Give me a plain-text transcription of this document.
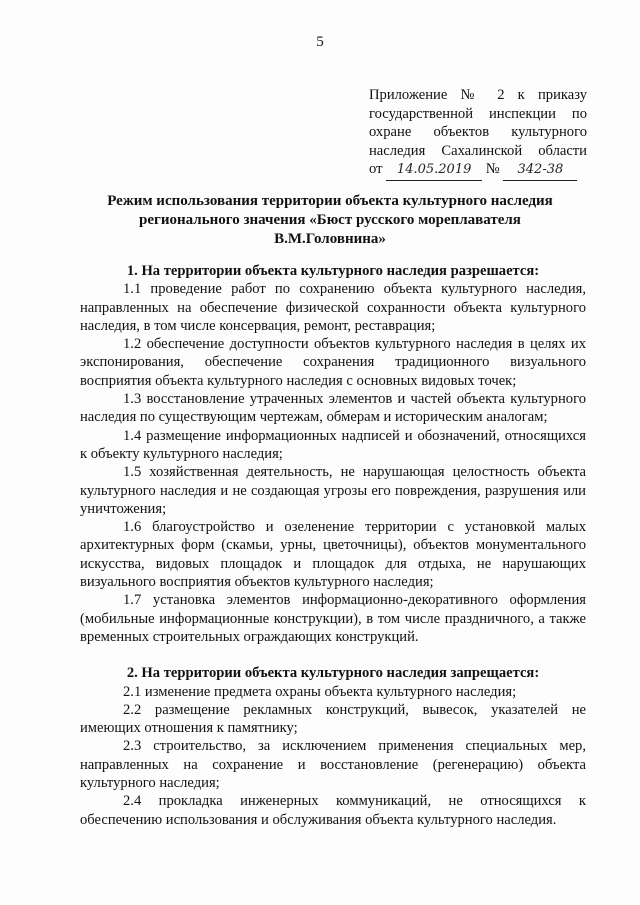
5
Приложение № 2 к приказу
государственной инспекции по
охране объектов культурного
наследия Сахалинской области
от 14.05.2019 № 342-38
Режим использования территории объекта культурного наследия
регионального значения «Бюст русского мореплавателя
В.М.Головнина»

1. На территории объекта культурного наследия разрешается:

1.1 проведение работ по сохранению объекта культурного наследия, направленных на обеспечение физической сохранности объекта культурного наследия, в том числе консервация, ремонт, реставрация;

1.2 обеспечение доступности объектов культурного наследия в целях их экспонирования, обеспечение сохранения традиционного визуального восприятия объекта культурного наследия с основных видовых точек;

1.3 восстановление утраченных элементов и частей объекта культурного наследия по существующим чертежам, обмерам и историческим аналогам;

1.4 размещение информационных надписей и обозначений, относящихся к объекту культурного наследия;

1.5 хозяйственная деятельность, не нарушающая целостность объекта культурного наследия и не создающая угрозы его повреждения, разрушения или уничтожения;

1.6 благоустройство и озеленение территории с установкой малых архитектурных форм (скамьи, урны, цветочницы), объектов монументального искусства, видовых площадок и площадок для отдыха, не нарушающих визуального восприятия объектов культурного наследия;

1.7 установка элементов информационно-декоративного оформления (мобильные информационные конструкции), в том числе праздничного, а также временных строительных ограждающих конструкций.

2. На территории объекта культурного наследия запрещается:

2.1 изменение предмета охраны объекта культурного наследия;

2.2 размещение рекламных конструкций, вывесок, указателей не имеющих отношения к памятнику;

2.3 строительство, за исключением применения специальных мер, направленных на сохранение и восстановление (регенерацию) объекта культурного наследия;

2.4 прокладка инженерных коммуникаций, не относящихся к обеспечению использования и обслуживания объекта культурного наследия.
